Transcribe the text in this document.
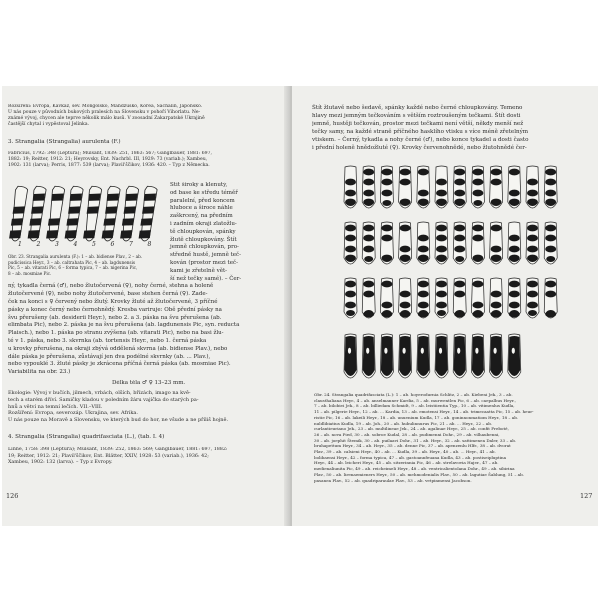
Rozšíření: Evropa, Kavkaz, sev. Mongolsko, Mandžusko, Korea, Sachalin, Japonsko.
U nás pouze v původních bukových pralesích na Slovensku v pohoří Vihorlatu. Ne-
známé vývoj, chycen ale teprve několik málo kusů. V zoosadní Zakarpatské Ukrajině
častější chytal i vypěstoval Jelínka.
3. Strangalia (Strangalia) aurulenta (F.)
Fabricius, 1792: 348 (Leptura); Mulsant, 1839: 251, 1863: 567; Ganglbauer, 1881: 697,
1882: 19; Reitter, 1912: 21; Heyrovsky, Ent. Nachrbl. III, 1929: 73 (variab.); Xambeu,
1902: 131 (larva); Perris, 1877: 539 (larva); Plavil'ščikov, 1936: 420. – Typ z Německa.
1 2 3 4 5 6 7 8
Obr. 23. Strangalia aurulenta (F.): 1 – ab. bidiense Plav., 2 – ab.
pudicissica Heyr., 3 – ab. caltrahata Pic, 4 – ab. lagdunensis
Pic, 5 – ab. vitarati Pic, 6 – forma typica, 7 – ab. nigerina Pic,
8 – ab. mosmiae Pic.
Štít široký a klenutý,
od base ke středu téměř
paralelní, před koncem
hluboce a široce náhle
zaškrcený, na předním
i zadním okraji zlatožlu-
tě chloupkován, spánky
žlutě chloupkovány. Štít
jemně chloupkován, pro-
středně hustě, jemně teč-
kován (prostor mezi teč-
kami je zřetelně vět-
ší než tečky samé). – Čer-
ný, tykadla černá (♂), nebo žlutočervená (♀), nohy černé, stehna a holeně
žlutočervené (♀), nebo nohy žlutočervené, base stehen černá (♀). Zade-
ček na konci s ♀ červený nebo žlutý. Krovky žluté až žlutočervené, 3 příčné
pásky a konec černý nebo černohnědý. Kresba variruje: Obě přední pásky na
švu přerušeny (ab. desiderii Heyr.), nebo 2. a 3. páska na švu přerušena (ab.
elimbata Pic), nebo 2. páska je na švu přerušena (ab. lagdunensis Pic, syn. reducta
Plaisch.), nebo 1. páska po stranu zvýšena (ab. vitarati Pic), nebo na basi žlu-
té v 1. páska, nebo 3. skvrnka (ab. tortensis Heyr., nebo 1. černá páska
u krovky přerušena, na okraji zbývá oddělená skvrna (ab. bidiense Plav.), nebo
dále páska je přerušena, zůstávají jen dva podélné skvrnky (ab. ... Plav.),
nebo vypouklé 3. žluté pásky je zkrácena příčná černá páska (ab. mosmiae Pic).
Variabilita na obr. 23.)
Délka těla ♂ ♀ 13–23 mm.
Ekologie: Vývoj v bučích, jilmech, vrbách, olších, břízách, imago na kvě-
tech a starém dříví. Samičky kladou v poledním žáru vajíčka do starých pa-
hnů a větví na temní lečích. VII.–VIII.
Rozšíření: Evropa, severozáp. Ukrajina, sev. Afrika.
U nás pouze na Moravě a Slovensku, ve kterých bud do hor, ne všude a ne příliš hojně.
4. Strangalia (Strangalia) quadrifasciata (L.), (tab. I. 4)
Linné, 1758: 398 (Leptura); Mulsant, 1839: 252, 1863: 569; Ganglbauer, 1881: 697, 1882:
19; Reitter, 1912: 21; Plavil'ščikov, Ent. Blätter, XXIV, 1928: 53 (variab.), 1936: 42;
Xambeu, 1902: 132 (larva). – Typ z Evropy.
126
Štít žlutavě nebo šedavě, spánky každé nebo černé chloupkovány. Temeno
hlavy mezi jemným tečkováním s větším roztroušeným tečkami. Štít dosti
jemně, hustěji tečkován, prostor mezi tečkami není větší, někdy menší než
tečky samy, na každé straně příčného hasklího vtisku s více méně zřetelným
vtiskem. – Černý, tykadla a nohy černé (♂), nebo konce tykadel a dosti často
i přední holeně hnědožluté (♀). Krovky červenohnědé, nebo žlutohnědé čer-
Obr. 24. Strangalia quadrifasciata (L.): 1 – ab. hoyerodurnia Schlitz, 2 – ab. Kiebeni Jek., 3 – ab.
clausthaliana Heyr., 4 – ab. anselmanner Kardia, 5 – ab. murwentlen Pic, 6 – ab. caepalbus Heyr.,
7 – ab. bilobiei Jek., 8 – ab. billiedam Schmidt, 9 – ab. leistiientia Typ., 10 – ab. vitimenlus Kudla,
11 – ab. pilgerie Heyr., 12 – ab. ... Kardia, 13 – ab. emotensi Heyr., 14 – ab. trimecaatta Pic, 15 – ab. heur-
ristie Pic, 16 – ab. lakeili Heyr., 18 – ab. unuenium Kudla, 17 – ab. goninnonmatiom Heyr., 18 – ab.
nuldlibiatius Kudla, 19 – ab. Joh., 20 – ab. hubulinnurus Pic, 21 – ab. ... Heyr., 22 – ab.
curlantieuriano Jek., 23 – ab. multilineae Jek., 24 – ab. agalinae Heyr., 25 – ab. confit Freboté,
26 – ab. nova Pied, 30 – ab. sobroe Kudal, 28 – ab. pudimenni Dohr., 29 – ab. vilhaubenni,
30 – ab. joephit Štemik, 30 – ab. puilaavi Dohr., 31 – ab. Heyr., 32 – ab. sattimenea Daler, 33 – ab.
bruhapettum Heyr., 34 – ab. Heyr., 35 – ab. denne Pic, 37 – ab. apenzenlu Hlfr., 38 – ab. dvorat
Plav., 39 – ab. calsieni Heyr., 40 – ab. ... Kudla, 39 – ab. Heyr., 40 – ab. ... Heyr., 41 – ab.
bolibaensi Heyr., 42 – forma typica, 47 – ab. gastoannfeuana Kudla, 43 – ab. postiseipluptina
Heyr., 44 – ab. leicheri Heyr., 45 – ab. sitzerinnia Pic, 46 – ab. strelavovia Hajer., 47 – ab.
medienaliunita Pic, 49 – ab. reicheimeli Heyr., 48 – ab. ventricalientolana Dohr., 49 – ab. sibirina
Plav., 50 – ab. lirenaemieners Heyr., 50 – ab. mehmodenialis Plav., 50 – ab. lagutiae Šablung, 51 – ab.
pasanea Plav., 52 – ab. quadriparaulae Plav., 53 – ab. vetpinmensi Jacobson.
127
